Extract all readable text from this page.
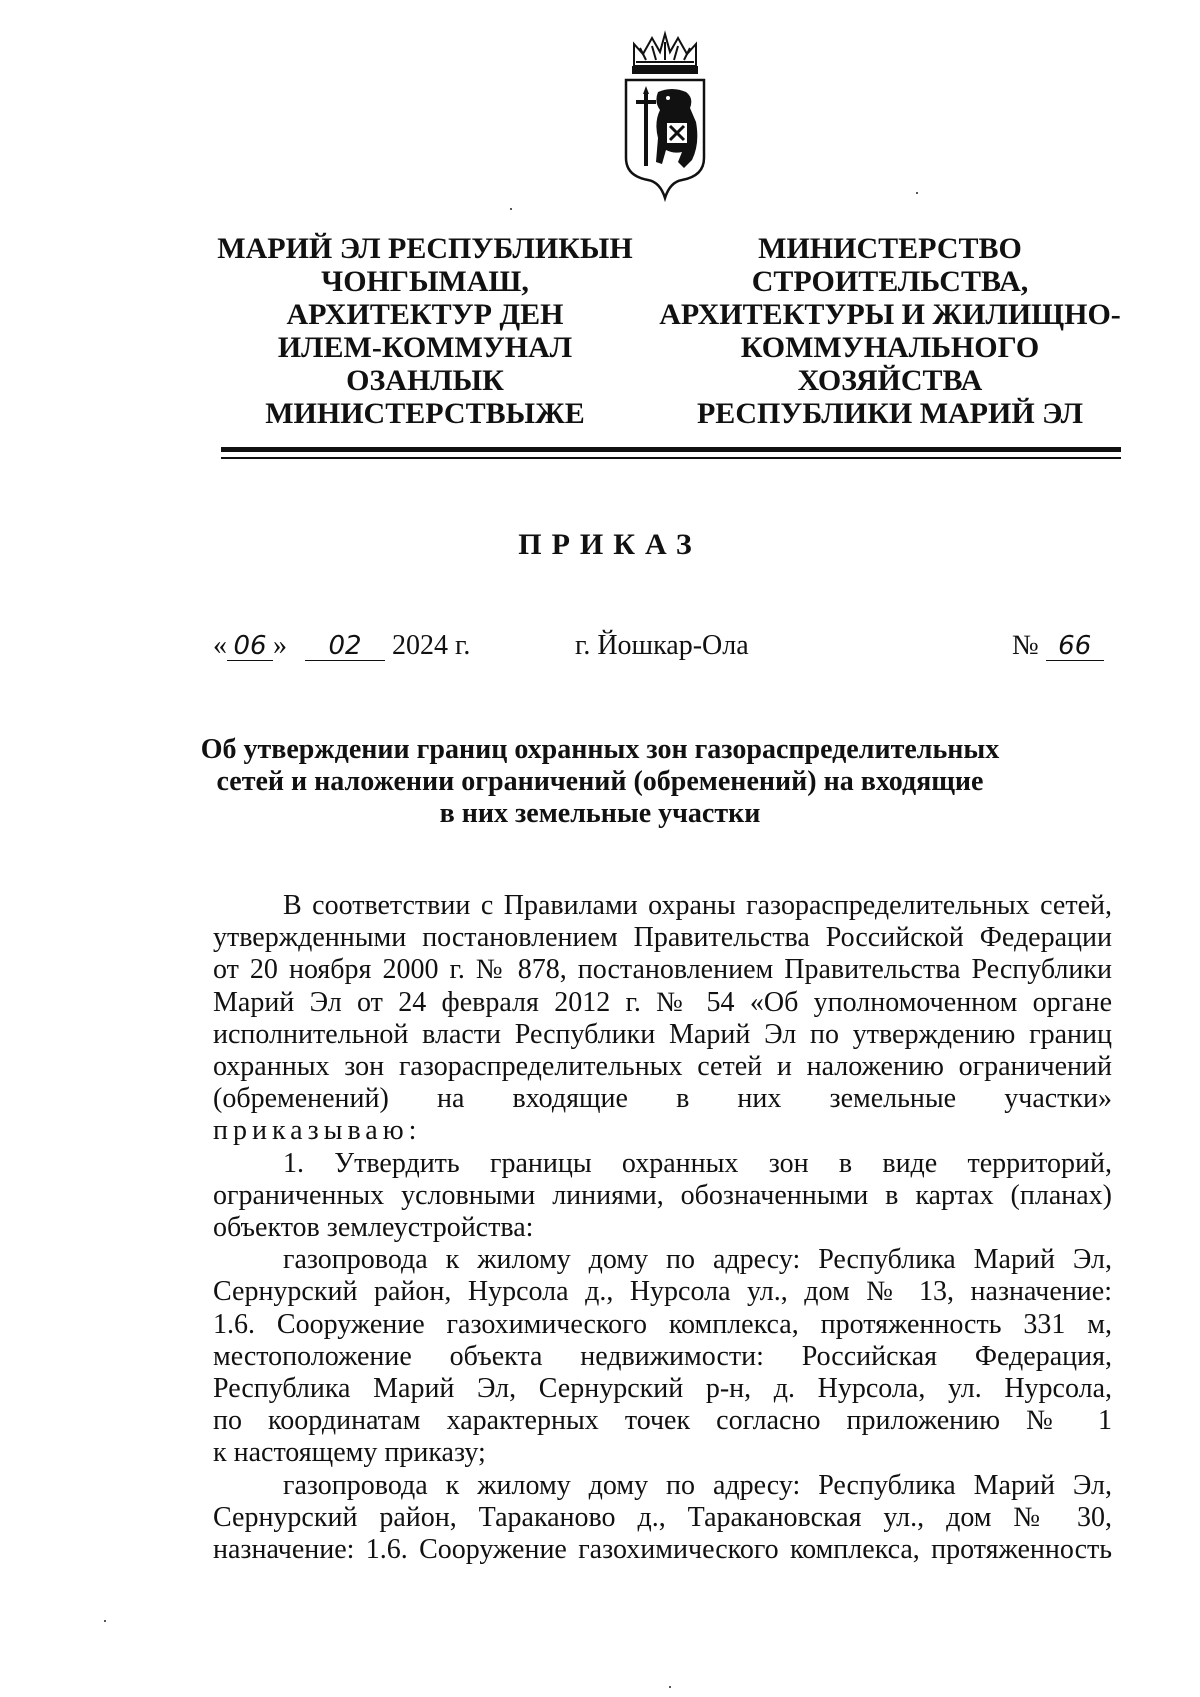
МАРИЙ ЭЛ РЕСПУБЛИКЫН
ЧОНГЫМАШ,
АРХИТЕКТУР ДЕН
ИЛЕМ-КОММУНАЛ
ОЗАНЛЫК
МИНИСТЕРСТВЫЖЕ
МИНИСТЕРСТВО
СТРОИТЕЛЬСТВА,
АРХИТЕКТУРЫ И ЖИЛИЩНО-
КОММУНАЛЬНОГО
ХОЗЯЙСТВА
РЕСПУБЛИКИ МАРИЙ ЭЛ
ПРИКАЗ
« 06 » 02 2024 г.	г. Йошкар-Ола	№ 66
Об утверждении границ охранных зон газораспределительных
сетей и наложении ограничений (обременений) на входящие
в них земельные участки
В соответствии с Правилами охраны газораспределительных сетей,
утвержденными постановлением Правительства Российской Федерации
от 20 ноября 2000 г. № 878, постановлением Правительства Республики
Марий Эл от 24 февраля 2012 г. № 54 «Об уполномоченном органе
исполнительной власти Республики Марий Эл по утверждению границ
охранных зон газораспределительных сетей и наложению ограничений
(обременений) на входящие в них земельные участки»
приказываю:
1. Утвердить границы охранных зон в виде территорий,
ограниченных условными линиями, обозначенными в картах (планах)
объектов землеустройства:
газопровода к жилому дому по адресу: Республика Марий Эл,
Сернурский район, Нурсола д., Нурсола ул., дом № 13, назначение:
1.6. Сооружение газохимического комплекса, протяженность 331 м,
местоположение объекта недвижимости: Российская Федерация,
Республика Марий Эл, Сернурский р-н, д. Нурсола, ул. Нурсола,
по координатам характерных точек согласно приложению № 1
к настоящему приказу;
газопровода к жилому дому по адресу: Республика Марий Эл,
Сернурский район, Тараканово д., Таракановская ул., дом № 30,
назначение: 1.6. Сооружение газохимического комплекса, протяженность
